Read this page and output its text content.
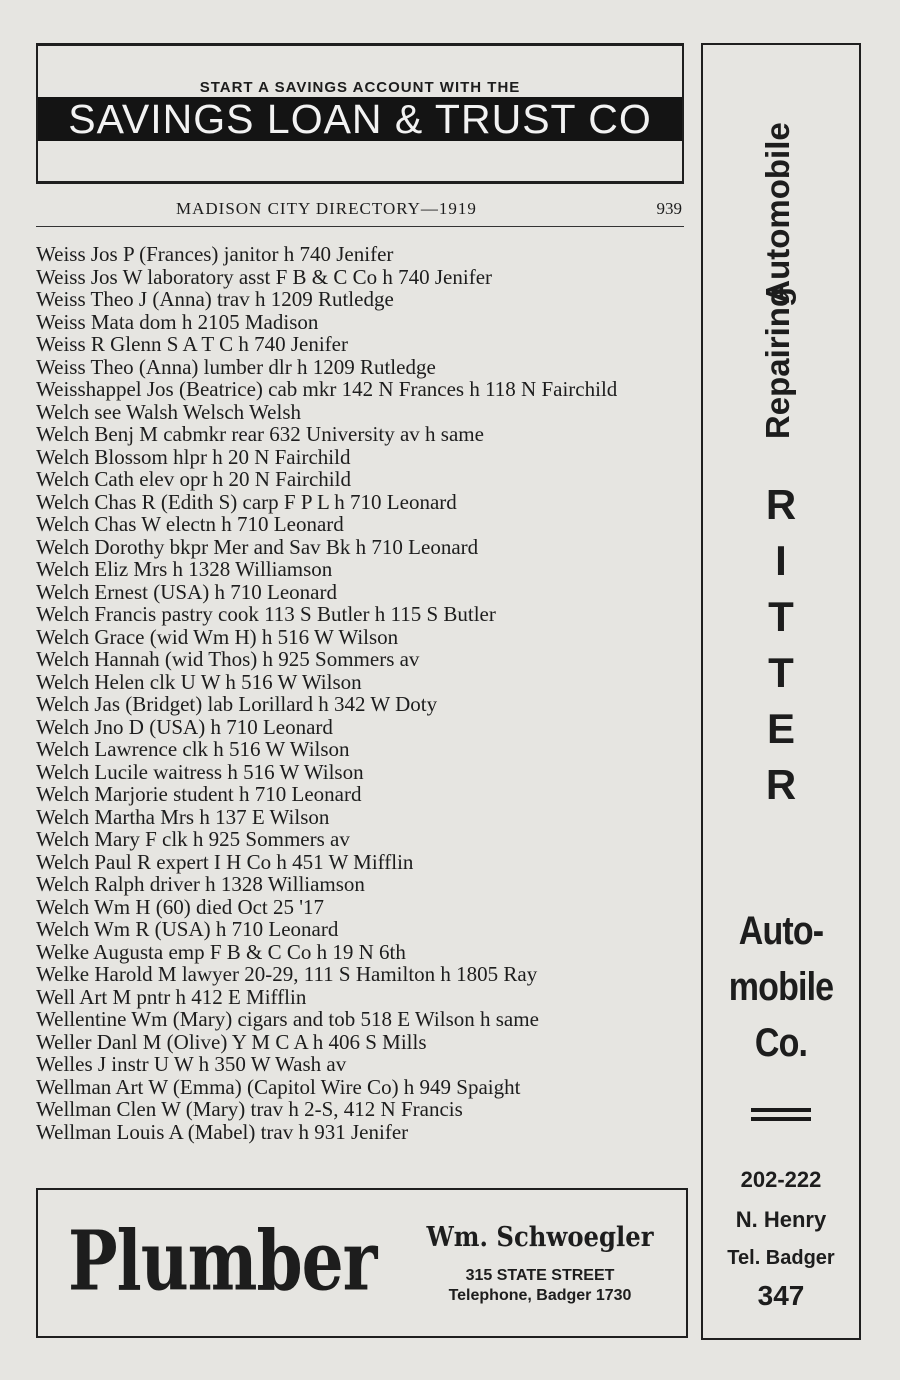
START A SAVINGS ACCOUNT WITH THE
SAVINGS LOAN & TRUST CO
MADISON CITY DIRECTORY—1919	939

Weiss Jos P (Frances) janitor h 740 Jenifer

Weiss Jos W laboratory asst F B & C Co h 740 Jenifer

Weiss Theo J (Anna) trav h 1209 Rutledge

Weiss Mata dom h 2105 Madison

Weiss R Glenn S A T C h 740 Jenifer

Weiss Theo (Anna) lumber dlr h 1209 Rutledge

Weisshappel Jos (Beatrice) cab mkr 142 N Frances h 118 N Fairchild

Welch see Walsh Welsch Welsh

Welch Benj M cabmkr rear 632 University av h same

Welch Blossom hlpr h 20 N Fairchild

Welch Cath elev opr h 20 N Fairchild

Welch Chas R (Edith S) carp F P L h 710 Leonard

Welch Chas W electn h 710 Leonard

Welch Dorothy bkpr Mer and Sav Bk h 710 Leonard

Welch Eliz Mrs h 1328 Williamson

Welch Ernest (USA) h 710 Leonard

Welch Francis pastry cook 113 S Butler h 115 S Butler

Welch Grace (wid Wm H) h 516 W Wilson

Welch Hannah (wid Thos) h 925 Sommers av

Welch Helen clk U W h 516 W Wilson

Welch Jas (Bridget) lab Lorillard h 342 W Doty

Welch Jno D (USA) h 710 Leonard

Welch Lawrence clk h 516 W Wilson

Welch Lucile waitress h 516 W Wilson

Welch Marjorie student h 710 Leonard

Welch Martha Mrs h 137 E Wilson

Welch Mary F clk h 925 Sommers av

Welch Paul R expert I H Co h 451 W Mifflin

Welch Ralph driver h 1328 Williamson

Welch Wm H (60) died Oct 25 '17

Welch Wm R (USA) h 710 Leonard

Welke Augusta emp F B & C Co h 19 N 6th

Welke Harold M lawyer 20-29, 111 S Hamilton h 1805 Ray

Well Art M pntr h 412 E Mifflin

Wellentine Wm (Mary) cigars and tob 518 E Wilson h same

Weller Danl M (Olive) Y M C A h 406 S Mills

Welles J instr U W h 350 W Wash av

Wellman Art W (Emma) (Capitol Wire Co) h 949 Spaight

Wellman Clen W (Mary) trav h 2-S, 412 N Francis

Wellman Louis A (Mabel) trav h 931 Jenifer

Plumber Wm. Schwoegler
315 STATE STREET
Telephone, Badger 1730
Automobile
Repairing
R
I
T
T
E
R
Auto-
mobile
Co.
202-222
N. Henry
Tel. Badger
347
